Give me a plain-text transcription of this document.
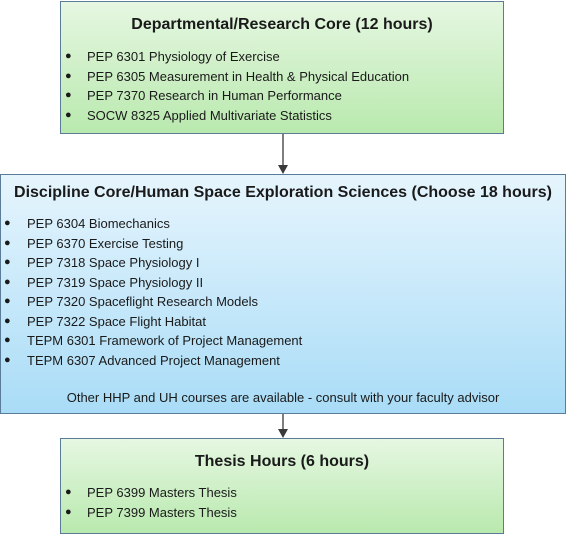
Departmental/Research Core (12 hours)
● PEP 6301 Physiology of Exercise
● PEP 6305 Measurement in Health & Physical Education
● PEP 7370 Research in Human Performance
● SOCW 8325 Applied Multivariate Statistics
Discipline Core/Human Space Exploration Sciences (Choose 18 hours)
● PEP 6304 Biomechanics
● PEP 6370 Exercise Testing
● PEP 7318 Space Physiology I
● PEP 7319 Space Physiology II
● PEP 7320 Spaceflight Research Models
● PEP 7322 Space Flight Habitat
● TEPM 6301 Framework of Project Management
● TEPM 6307 Advanced Project Management
Other HHP and UH courses are available - consult with your faculty advisor
Thesis Hours (6 hours)
● PEP 6399 Masters Thesis
● PEP 7399 Masters Thesis
